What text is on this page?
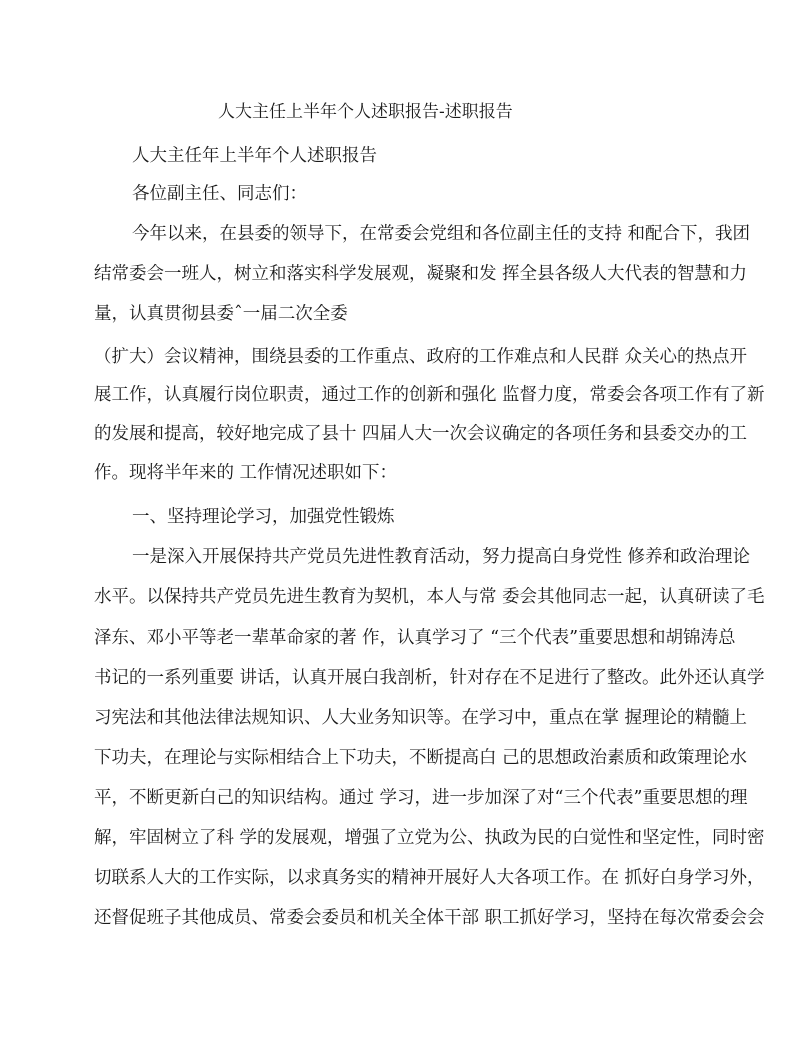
人大主任上半年个人述职报告-述职报告
人大主任年上半年个人述职报告
各位副主任、同志们：
今年以来，在县委的领导下，在常委会党组和各位副主任的支持 和配合下，我团
结常委会一班人，树立和落实科学发展观，凝聚和发 挥全县各级人大代表的智慧和力
量，认真贯彻县委ˆ一届二次全委
（扩大）会议精神，围绕县委的工作重点、政府的工作难点和人民群 众关心的热点开
展工作，认真履行岗位职责，通过工作的创新和强化 监督力度，常委会各项工作有了新
的发展和提高，较好地完成了县十 四届人大一次会议确定的各项任务和县委交办的工
作。现将半年来的 工作情况述职如下：
一、坚持理论学习，加强党性锻炼
一是深入开展保持共产党员先进性教育活动，努力提高白身党性 修养和政治理论
水平。以保持共产党员先进生教育为契机，本人与常 委会其他同志一起，认真研读了毛
泽东、邓小平等老一辈革命家的著 作，认真学习了 “三个代表”重要思想和胡锦涛总
书记的一系列重要 讲话，认真开展白我剖析，针对存在不足进行了整改。此外还认真学
习宪法和其他法律法规知识、人大业务知识等。在学习中，重点在掌 握理论的精髓上
下功夫，在理论与实际相结合上下功夫，不断提高白 己的思想政治素质和政策理论水
平，不断更新白己的知识结构。通过 学习，进一步加深了对“三个代表”重要思想的理
解，牢固树立了科 学的发展观，增强了立党为公、执政为民的白觉性和坚定性，同时密
切联系人大的工作实际，以求真务实的精神开展好人大各项工作。在 抓好白身学习外，
还督促班子其他成员、常委会委员和机关全体干部 职工抓好学习，坚持在每次常委会会
